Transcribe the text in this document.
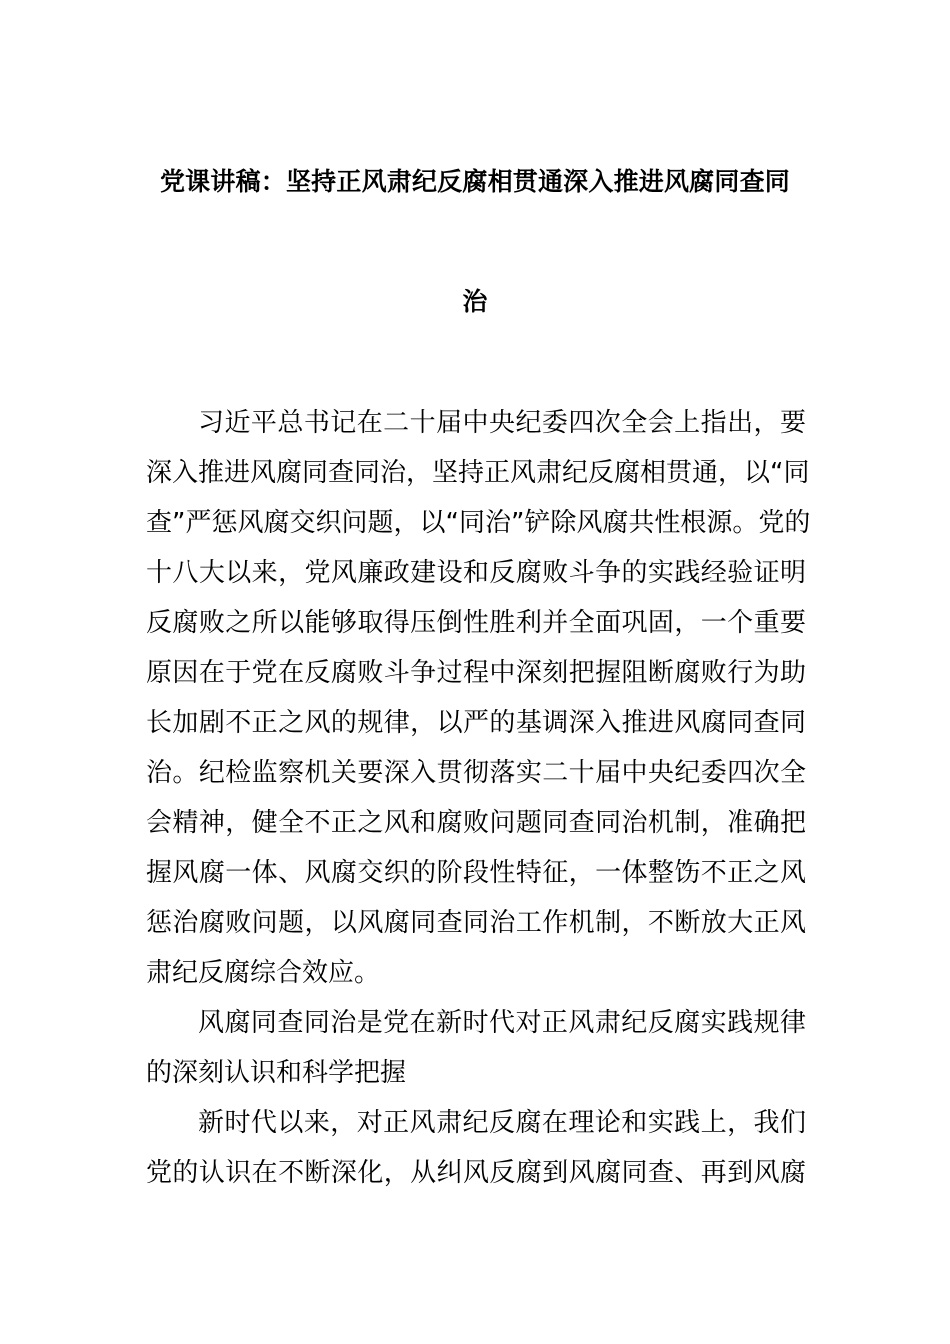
党课讲稿：坚持正风肃纪反腐相贯通深入推进风腐同查同
治
习近平总书记在二十届中央纪委四次全会上指出，要
深入推进风腐同查同治，坚持正风肃纪反腐相贯通，以“同
查”严惩风腐交织问题，以“同治”铲除风腐共性根源。党的
十八大以来，党风廉政建设和反腐败斗争的实践经验证明
反腐败之所以能够取得压倒性胜利并全面巩固，一个重要
原因在于党在反腐败斗争过程中深刻把握阻断腐败行为助
长加剧不正之风的规律，以严的基调深入推进风腐同查同
治。纪检监察机关要深入贯彻落实二十届中央纪委四次全
会精神，健全不正之风和腐败问题同查同治机制，准确把
握风腐一体、风腐交织的阶段性特征，一体整饬不正之风
惩治腐败问题，以风腐同查同治工作机制，不断放大正风
肃纪反腐综合效应。
风腐同查同治是党在新时代对正风肃纪反腐实践规律
的深刻认识和科学把握
新时代以来，对正风肃纪反腐在理论和实践上，我们
党的认识在不断深化，从纠风反腐到风腐同查、再到风腐
